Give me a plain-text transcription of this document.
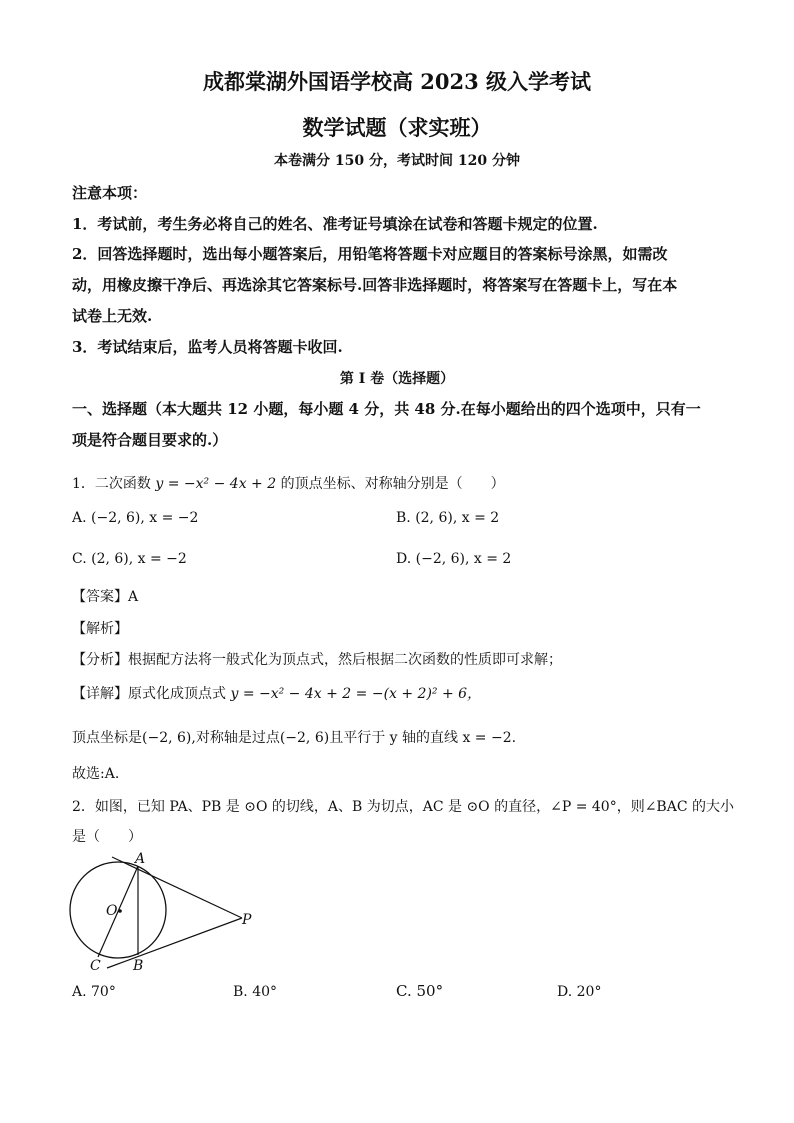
成都棠湖外国语学校高 2023 级入学考试
数学试题（求实班）
本卷满分 150 分，考试时间 120 分钟
注意本项：
1．考试前，考生务必将自己的姓名、准考证号填涂在试卷和答题卡规定的位置.
2．回答选择题时，选出每小题答案后，用铅笔将答题卡对应题目的答案标号涂黑，如需改
动，用橡皮擦干净后、再选涂其它答案标号.回答非选择题时，将答案写在答题卡上，写在本
试卷上无效.
3．考试结束后，监考人员将答题卡收回.
第 I 卷（选择题）
一、选择题（本大题共 12 小题，每小题 4 分，共 48 分.在每小题给出的四个选项中，只有一
项是符合题目要求的.）
1．二次函数 y = −x² − 4x + 2 的顶点坐标、对称轴分别是（　　）
A. (−2, 6), x = −2	B. (2, 6), x = 2
C. (2, 6), x = −2	D. (−2, 6), x = 2
【答案】A
【解析】
【分析】根据配方法将一般式化为顶点式，然后根据二次函数的性质即可求解；
【详解】原式化成顶点式 y = −x² − 4x + 2 = −(x + 2)² + 6，
顶点坐标是(−2, 6),对称轴是过点(−2, 6)且平行于 y 轴的直线 x = −2.
故选:A.
2．如图，已知 PA、PB 是 ⊙O 的切线，A、B 为切点，AC 是 ⊙O 的直径，∠P = 40°，则∠BAC 的大小
是（　　）
A
O
P
C B
A. 70°	B. 40°	C. 50°	D. 20°
